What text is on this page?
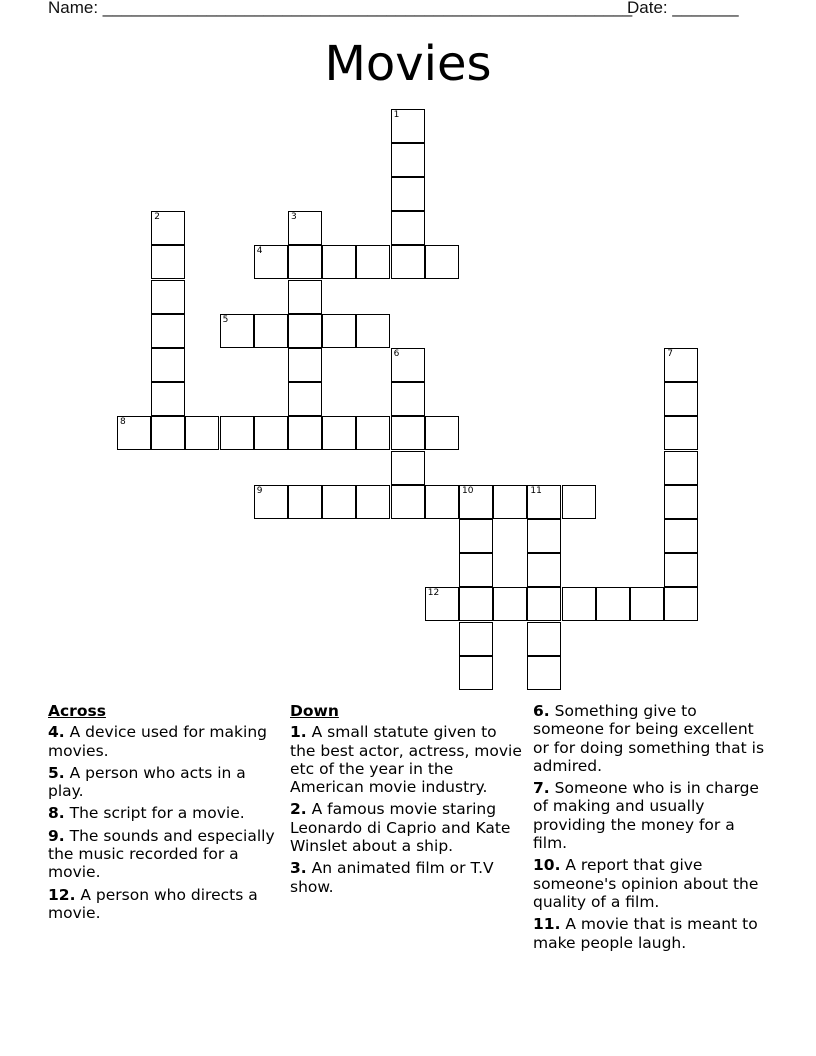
Name: ________________________________________________________
Date: _______
Movies
1
2	3
4
5
6	7
8
9	10	11
12
Across
4. A device used for making movies.
5. A person who acts in a play.
8. The script for a movie.
9. The sounds and especially the music recorded for a movie.
12. A person who directs a movie.
Down
1. A small statute given to the best actor, actress, movie etc of the year in the American movie industry.
2. A famous movie staring Leonardo di Caprio and Kate Winslet about a ship.
3. An animated film or T.V show.
6. Something give to someone for being excellent or for doing something that is admired.
7. Someone who is in charge of making and usually providing the money for a film.
10. A report that give someone's opinion about the quality of a film.
11. A movie that is meant to make people laugh.
